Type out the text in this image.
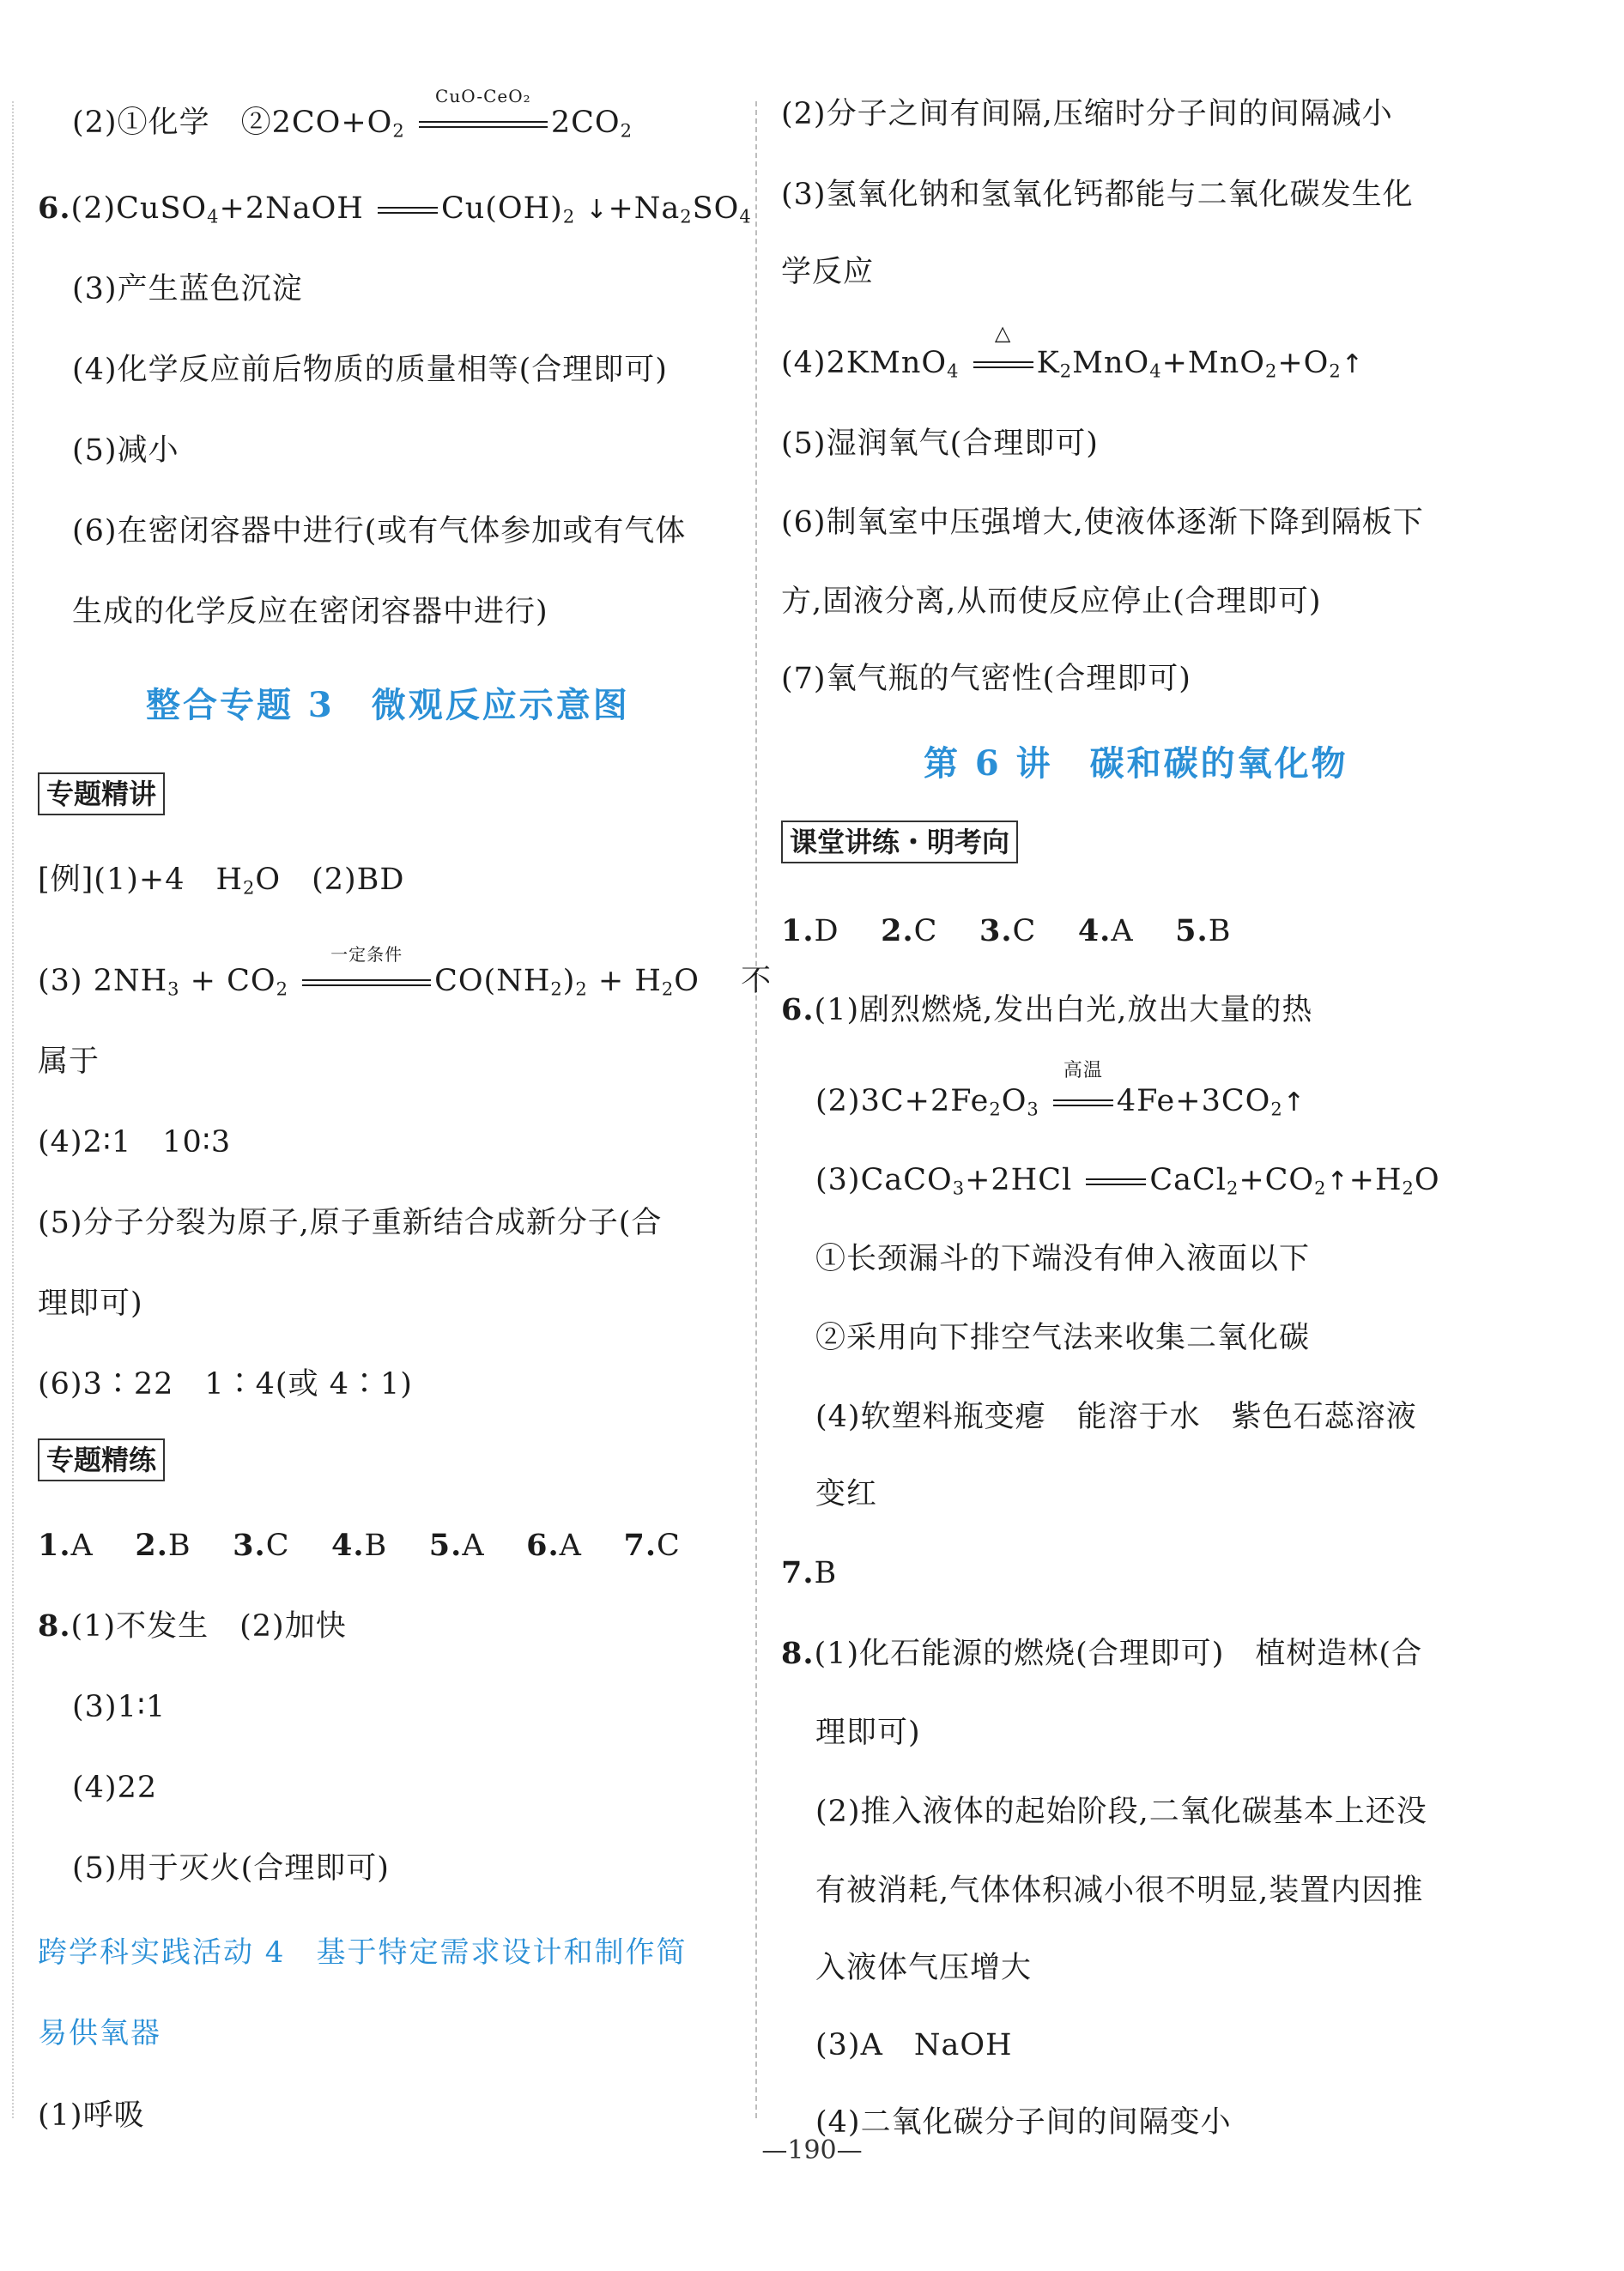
(2)①化学　$②2CO+O_2$
CuO-CeO₂
$2CO_2$
6.(2)CuSO$_4$+2NaOH	$Cu(OH)_2$ $↓+Na_2SO_4$
(3)产生蓝色沉淀
(4)化学反应前后物质的质量相等(合理即可)
(5)减小
(6)在密闭容器中进行(或有气体参加或有气体
生成的化学反应在密闭容器中进行)
整合专题 3　微观反应示意图
专题精讲
[例](1)+4　$H_2O$　(2)BD
(3) $2NH_3 + CO_2$
一定条件
$CO(NH_2)_2 + H_2O$　 不
属于
(4)2∶1　10∶3
(5)分子分裂为原子,原子重新结合成新分子(合
理即可)
(6)3∶22　1∶4(或 4∶1)
专题精练
1.A 2.B 3.C 4.B 5.A 6.A 7.C
8.(1)不发生　(2)加快
(3)1∶1
(4)22
(5)用于灭火(合理即可)
跨学科实践活动 4　基于特定需求设计和制作简
易供氧器
(1)呼吸
(2)分子之间有间隔,压缩时分子间的间隔减小
(3)氢氧化钠和氢氧化钙都能与二氧化碳发生化
学反应
(4)2KMnO$_4$
△
$K_2MnO_4+MnO_2+O_2↑$
(5)湿润氧气(合理即可)
(6)制氧室中压强增大,使液体逐渐下降到隔板下
方,固液分离,从而使反应停止(合理即可)
(7)氧气瓶的气密性(合理即可)
第 6 讲　碳和碳的氧化物
课堂讲练・明考向
1.D 2.C 3.C 4.A 5.B
6.(1)剧烈燃烧,发出白光,放出大量的热
$(2)3C+2Fe_2O_3$
高温
$4Fe+3CO_2↑$
(3)CaCO$_3$+2HCl	$CaCl_2+CO_2↑+H_2O$
①长颈漏斗的下端没有伸入液面以下
②采用向下排空气法来收集二氧化碳
(4)软塑料瓶变瘪　能溶于水　紫色石蕊溶液
变红
7.B
8.(1)化石能源的燃烧(合理即可)　植树造林(合
理即可)
(2)推入液体的起始阶段,二氧化碳基本上还没
有被消耗,气体体积减小很不明显,装置内因推
入液体气压增大
(3)A　NaOH
(4)二氧化碳分子间的间隔变小
—190—
